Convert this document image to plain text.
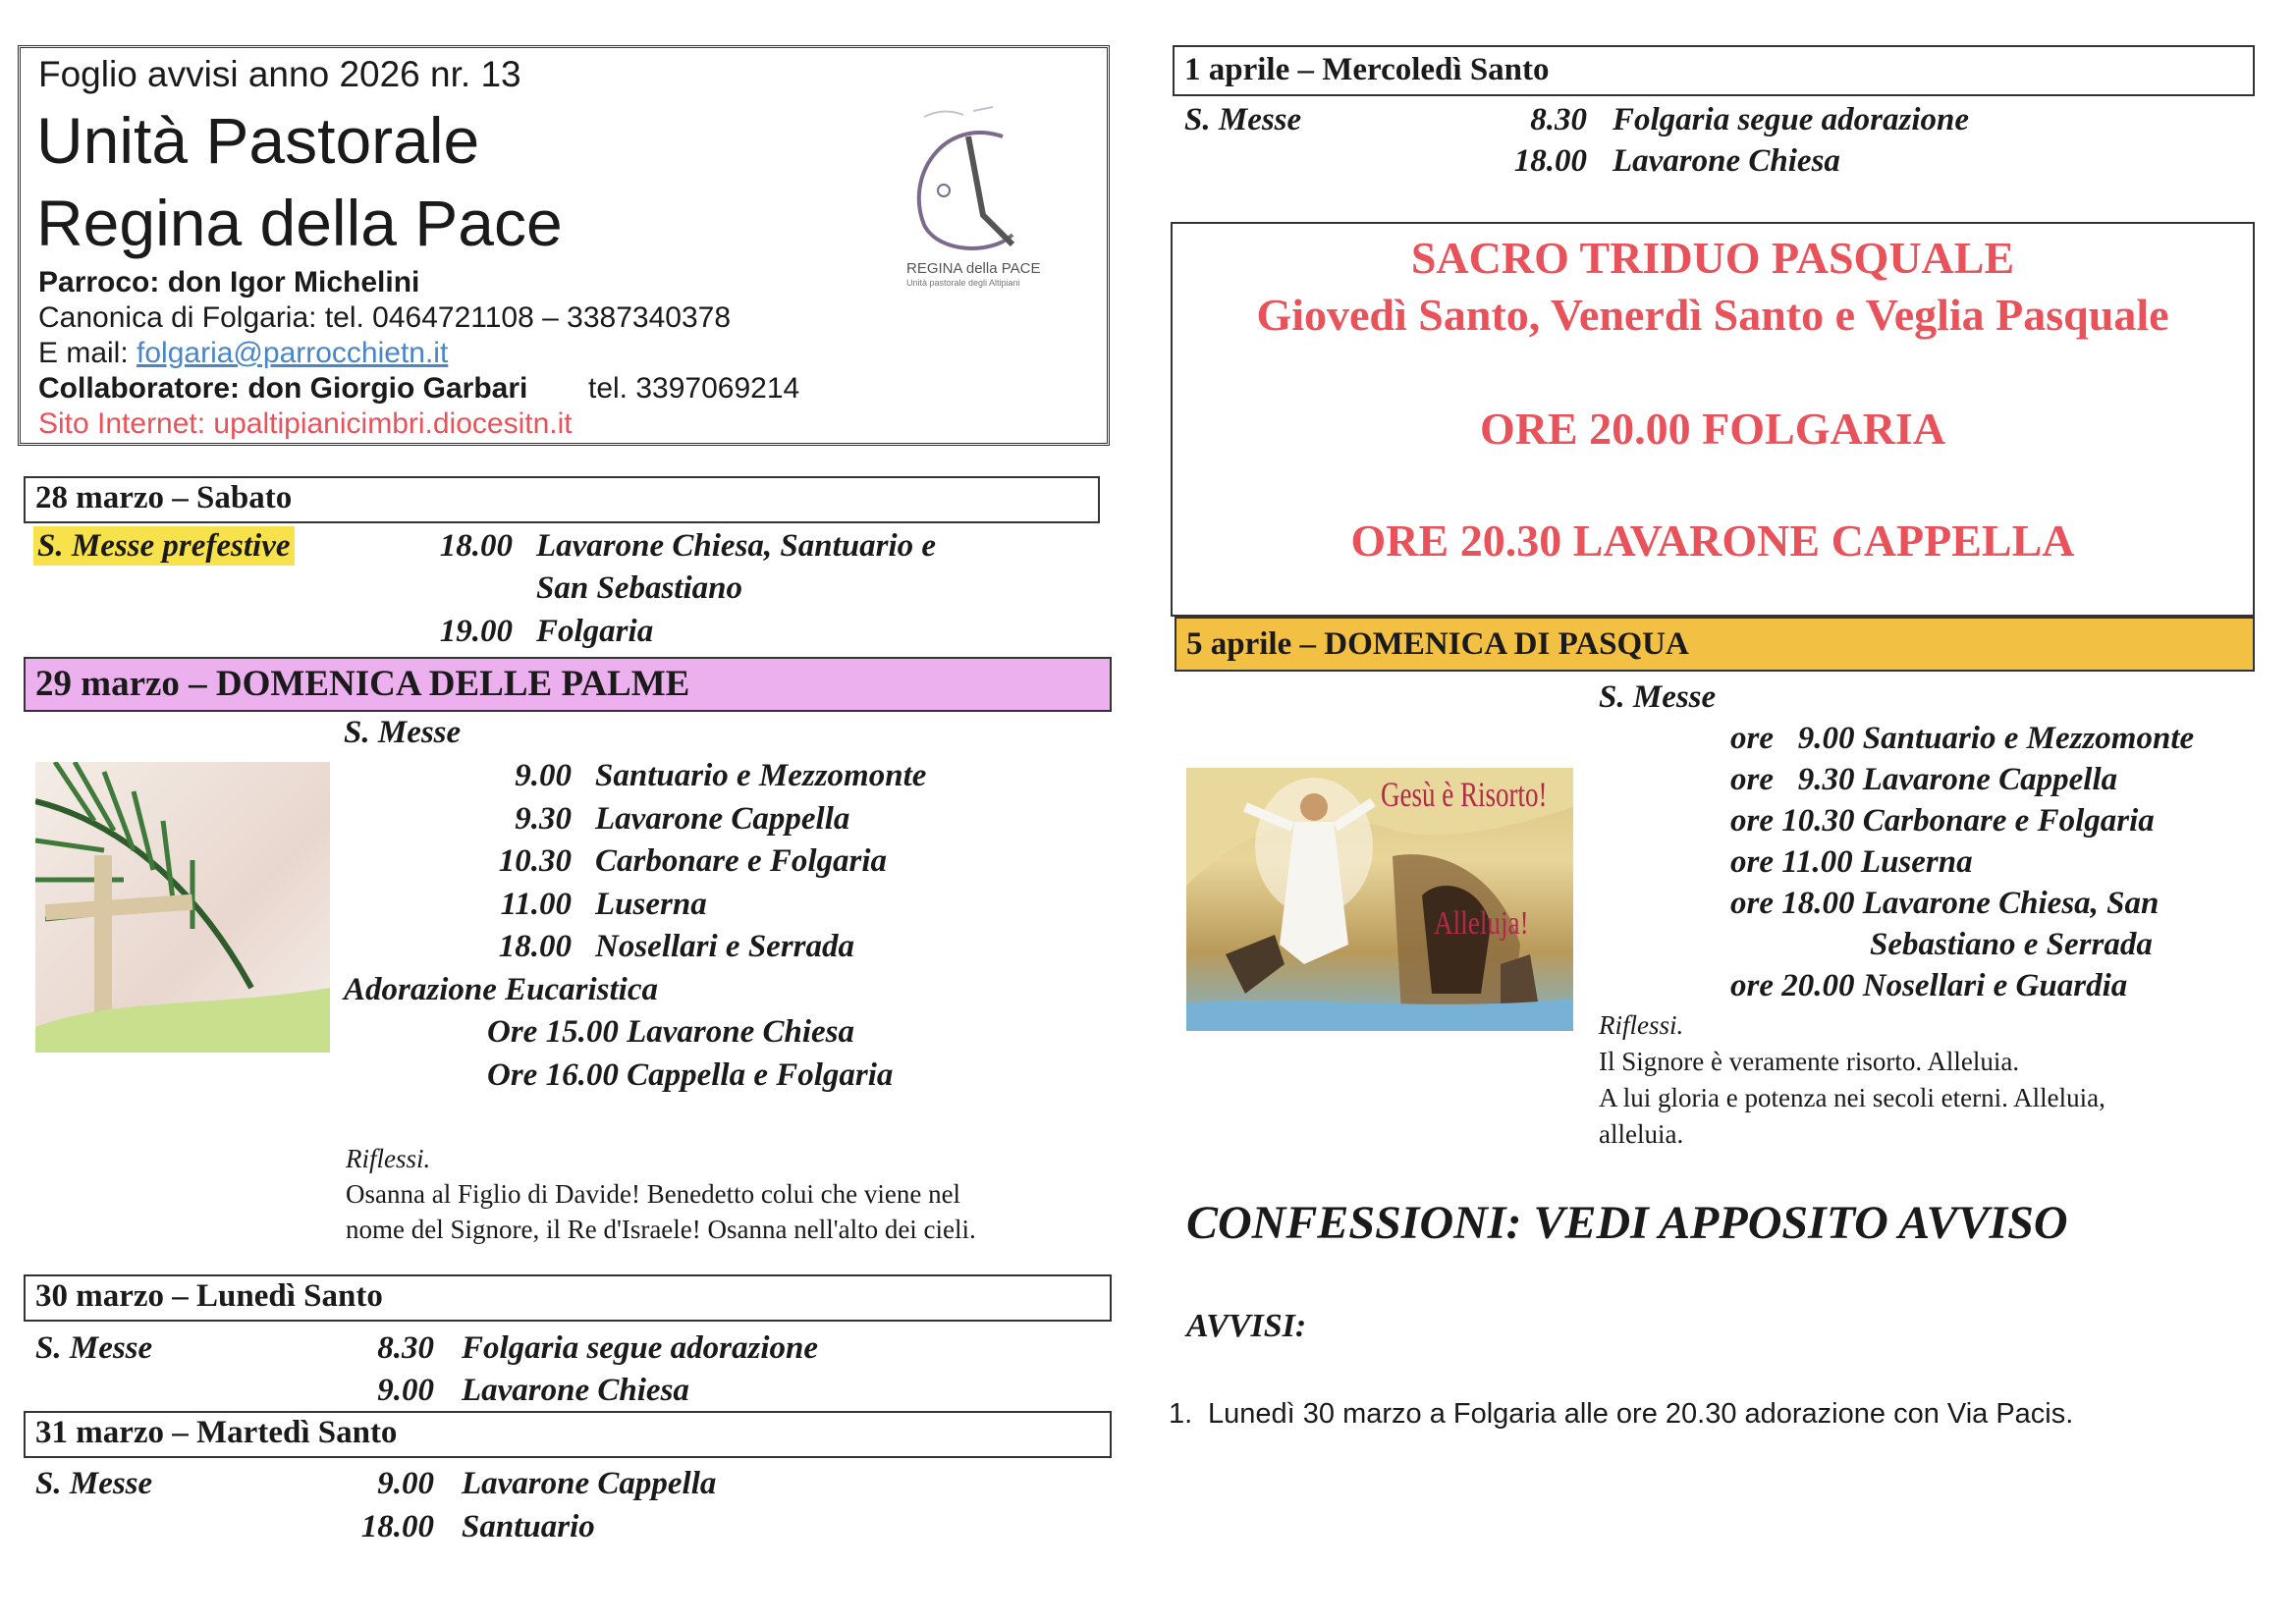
Foglio avvisi anno 2026 nr. 13
Unità Pastorale
Regina della Pace
Parroco: don Igor Michelini
Canonica di Folgaria: tel. 0464721108 – 3387340378
E mail: folgaria@parrocchietn.it
Collaboratore: don Giorgio Garbari tel. 3397069214
Sito Internet: upaltipianicimbri.diocesitn.it
REGINA della PACE
Unità pastorale degli Altipiani
28 marzo – Sabato
S. Messe prefestive	18.00 Lavarone Chiesa, Santuario e
San Sebastiano
19.00 Folgaria
29 marzo – DOMENICA DELLE PALME
S. Messe
9.00 Santuario e Mezzomonte
9.30 Lavarone Cappella
10.30 Carbonare e Folgaria
11.00 Luserna
18.00 Nosellari e Serrada
Adorazione Eucaristica
Ore 15.00 Lavarone Chiesa
Ore 16.00 Cappella e Folgaria
Riflessi.
Osanna al Figlio di Davide! Benedetto colui che viene nel
nome del Signore, il Re d'Israele! Osanna nell'alto dei cieli.
30 marzo – Lunedì Santo
S. Messe	8.30 Folgaria segue adorazione
9.00 Lavarone Chiesa
31 marzo – Martedì Santo
S. Messe	9.00 Lavarone Cappella
18.00 Santuario
1 aprile – Mercoledì Santo
S. Messe	8.30 Folgaria segue adorazione
18.00 Lavarone Chiesa
SACRO TRIDUO PASQUALE
Giovedì Santo, Venerdì Santo e Veglia Pasquale
ORE 20.00 FOLGARIA
ORE 20.30 LAVARONE CAPPELLA
5 aprile – DOMENICA DI PASQUA
S. Messe
Gesù è Risorto!
Alleluja!
ore   9.00 Santuario e Mezzomonte
ore   9.30 Lavarone Cappella
ore 10.30 Carbonare e Folgaria
ore 11.00 Luserna
ore 18.00 Lavarone Chiesa, San
Sebastiano e Serrada
ore 20.00 Nosellari e Guardia
Riflessi.
Il Signore è veramente risorto. Alleluia.
A lui gloria e potenza nei secoli eterni. Alleluia,
alleluia.
CONFESSIONI: VEDI APPOSITO AVVISO
AVVISI:
1. Lunedì 30 marzo a Folgaria alle ore 20.30 adorazione con Via Pacis.
